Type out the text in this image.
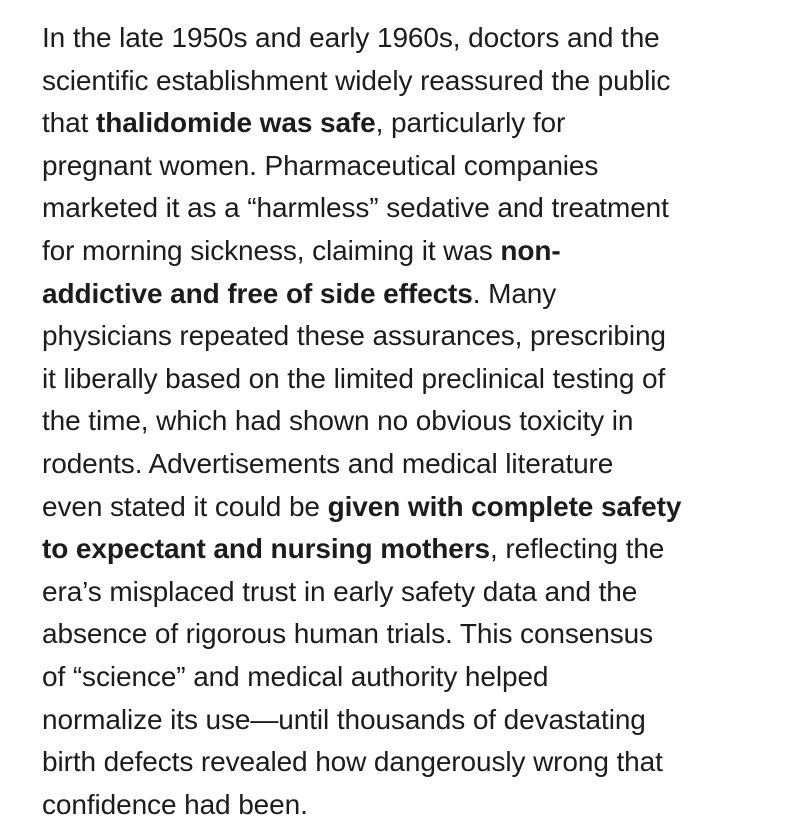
In the late 1950s and early 1960s, doctors and the
scientific establishment widely reassured the public
that thalidomide was safe, particularly for
pregnant women. Pharmaceutical companies
marketed it as a “harmless” sedative and treatment
for morning sickness, claiming it was non-
addictive and free of side effects. Many
physicians repeated these assurances, prescribing
it liberally based on the limited preclinical testing of
the time, which had shown no obvious toxicity in
rodents. Advertisements and medical literature
even stated it could be given with complete safety
to expectant and nursing mothers, reflecting the
era’s misplaced trust in early safety data and the
absence of rigorous human trials. This consensus
of “science” and medical authority helped
normalize its use—until thousands of devastating
birth defects revealed how dangerously wrong that
confidence had been.
